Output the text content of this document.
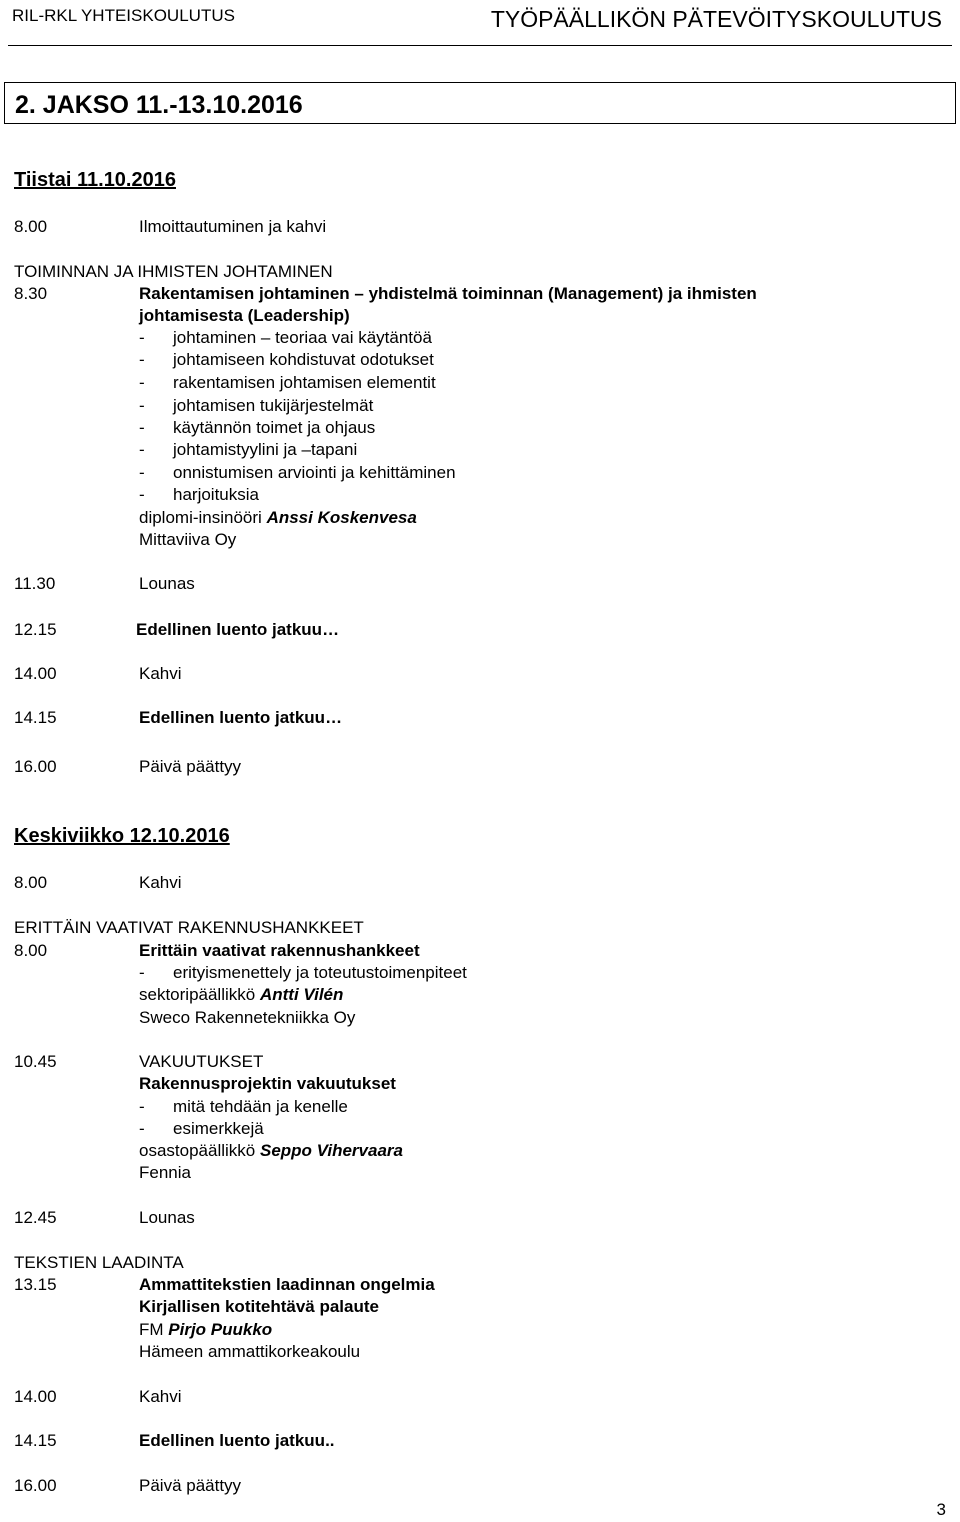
RIL-RKL YHTEISKOULUTUS	TYÖPÄÄLLIKÖN PÄTEVÖITYSKOULUTUS
2. JAKSO 11.-13.10.2016
Tiistai 11.10.2016
8.00	Ilmoittautuminen ja kahvi
TOIMINNAN JA IHMISTEN JOHTAMINEN
8.30	Rakentamisen johtaminen – yhdistelmä toiminnan (Management) ja ihmisten
johtamisesta (Leadership)
- johtaminen – teoriaa vai käytäntöä
- johtamiseen kohdistuvat odotukset
- rakentamisen johtamisen elementit
- johtamisen tukijärjestelmät
- käytännön toimet ja ohjaus
- johtamistyylini ja –tapani
- onnistumisen arviointi ja kehittäminen
- harjoituksia
diplomi-insinööri Anssi Koskenvesa
Mittaviiva Oy
11.30	Lounas
12.15	Edellinen luento jatkuu…
14.00	Kahvi
14.15	Edellinen luento jatkuu…
16.00	Päivä päättyy
Keskiviikko 12.10.2016
8.00	Kahvi
ERITTÄIN VAATIVAT RAKENNUSHANKKEET
8.00	Erittäin vaativat rakennushankkeet
- erityismenettely ja toteutustoimenpiteet
sektoripäällikkö Antti Vilén
Sweco Rakennetekniikka Oy
10.45	VAKUUTUKSET
Rakennusprojektin vakuutukset
- mitä tehdään ja kenelle
- esimerkkejä
osastopäällikkö Seppo Vihervaara
Fennia
12.45	Lounas
TEKSTIEN LAADINTA
13.15	Ammattitekstien laadinnan ongelmia
Kirjallisen kotitehtävä palaute
FM Pirjo Puukko
Hämeen ammattikorkeakoulu
14.00	Kahvi
14.15	Edellinen luento jatkuu..
16.00	Päivä päättyy
3
